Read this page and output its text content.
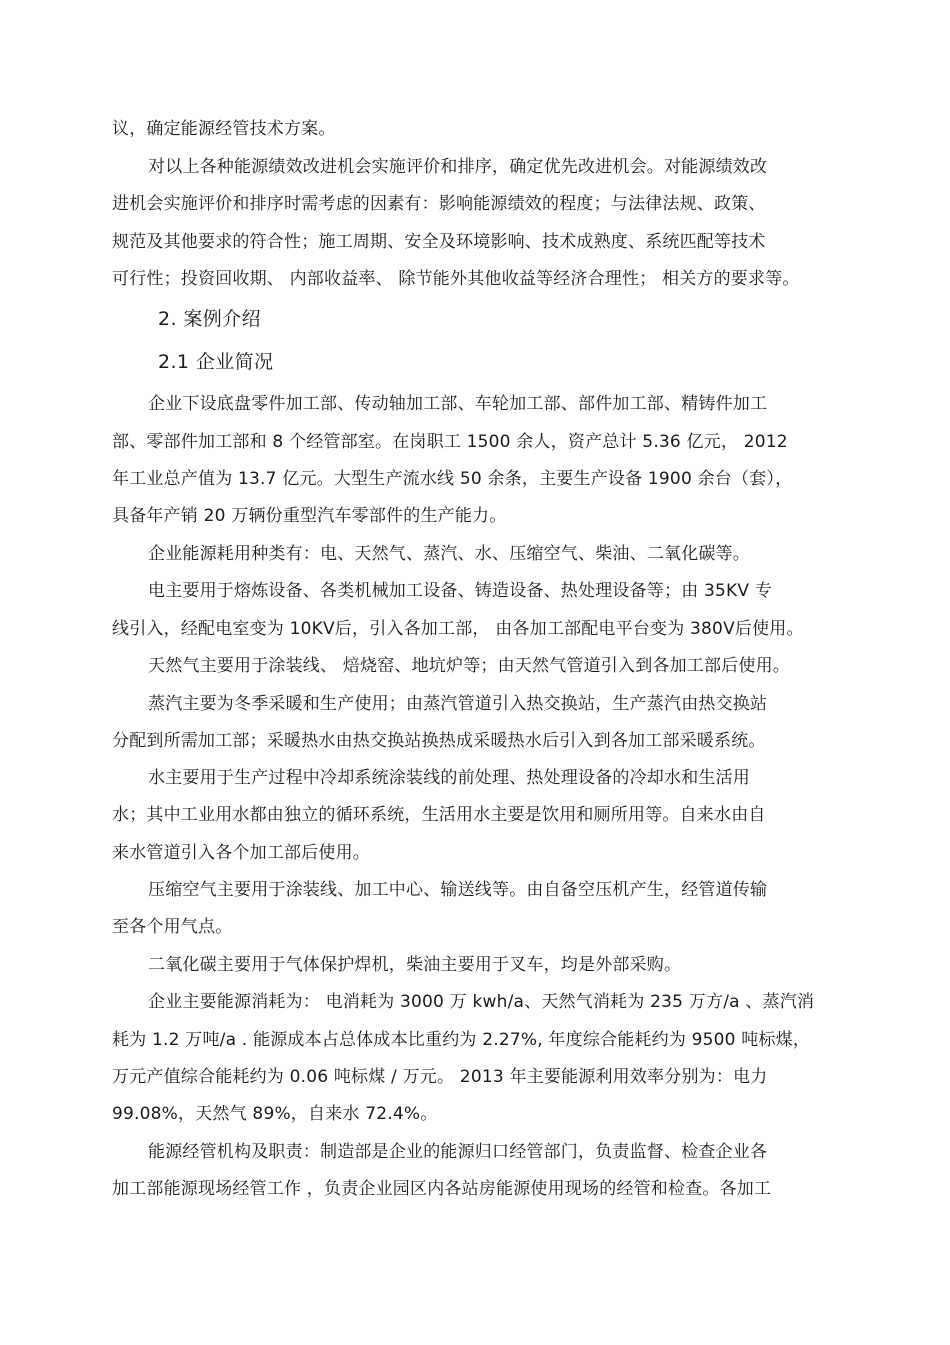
议，确定能源经管技术方案。
对以上各种能源绩效改进机会实施评价和排序，确定优先改进机会。对能源绩效改
进机会实施评价和排序时需考虑的因素有：影响能源绩效的程度；与法律法规、政策、
规范及其他要求的符合性；施工周期、安全及环境影响、技术成熟度、系统匹配等技术
可行性；投资回收期、 内部收益率、 除节能外其他收益等经济合理性； 相关方的要求等。
2. 案例介绍
2.1 企业简况
企业下设底盘零件加工部、传动轴加工部、车轮加工部、部件加工部、精铸件加工
部、零部件加工部和 8 个经管部室。在岗职工 1500 余人，资产总计 5.36 亿元， 2012
年工业总产值为 13.7 亿元。大型生产流水线 50 余条，主要生产设备 1900 余台（套），
具备年产销 20 万辆份重型汽车零部件的生产能力。
企业能源耗用种类有：电、天然气、蒸汽、水、压缩空气、柴油、二氧化碳等。
电主要用于熔炼设备、各类机械加工设备、铸造设备、热处理设备等；由 35KV 专
线引入，经配电室变为 10KV后，引入各加工部， 由各加工部配电平台变为 380V后使用。
天然气主要用于涂装线、 焙烧窑、地坑炉等；由天然气管道引入到各加工部后使用。
蒸汽主要为冬季采暖和生产使用；由蒸汽管道引入热交换站，生产蒸汽由热交换站
分配到所需加工部；采暖热水由热交换站换热成采暖热水后引入到各加工部采暖系统。
水主要用于生产过程中冷却系统涂装线的前处理、热处理设备的冷却水和生活用
水；其中工业用水都由独立的循环系统，生活用水主要是饮用和厕所用等。自来水由自
来水管道引入各个加工部后使用。
压缩空气主要用于涂装线、加工中心、输送线等。由自备空压机产生，经管道传输
至各个用气点。
二氧化碳主要用于气体保护焊机，柴油主要用于叉车，均是外部采购。
企业主要能源消耗为： 电消耗为 3000 万 kwh/a、天然气消耗为 235 万方/a 、蒸汽消
耗为 1.2 万吨/a . 能源成本占总体成本比重约为 2.27%, 年度综合能耗约为 9500 吨标煤，
万元产值综合能耗约为 0.06 吨标煤 / 万元。 2013 年主要能源利用效率分别为：电力
99.08%，天然气 89%，自来水 72.4%。
能源经管机构及职责：制造部是企业的能源归口经管部门，负责监督、检查企业各
加工部能源现场经管工作 ，负责企业园区内各站房能源使用现场的经管和检查。各加工
